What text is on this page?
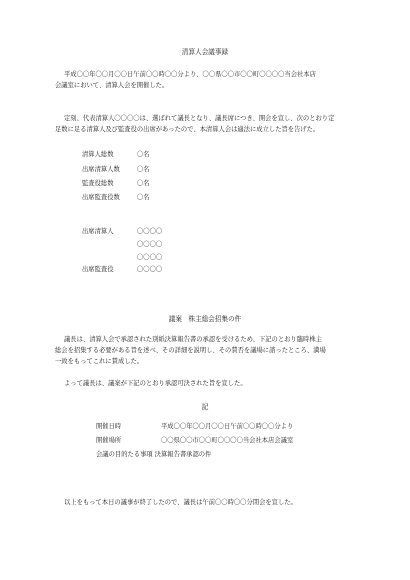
清算人会議事録
平成〇〇年〇〇月〇〇日午前〇〇時〇〇分より、〇〇県〇〇市〇〇町〇〇〇〇当会社本店
会議室において、清算人会を開催した。
定刻、代表清算人〇〇〇〇は、選ばれて議長となり、議長席につき、開会を宣し、次のとおり定
足数に足る清算人及び監査役の出席があったので、本清算人会は適法に成立した旨を告げた。
清算人総数	〇名
出席清算人数	〇名
監査役総数	〇名
出席監査役数	〇名
出席清算人	〇〇〇〇
〇〇〇〇
〇〇〇〇
出席監査役	〇〇〇〇
議案　株主総会招集の件
議長は、清算人会で承認された別紙決算報告書の承認を受けるため、下記のとおり臨時株主
総会を招集する必要がある旨を述べ、その詳細を説明し、その賛否を議場に諮ったところ、満場
一致をもってこれに賛成した。
よって議長は、議案が下記のとおり承認可決された旨を宣した。
記
開催日時	平成〇〇年〇〇月〇〇日午前〇〇時〇〇分より
開催場所	〇〇県〇〇市〇〇町〇〇〇〇当会社本店会議室
会議の目的たる事項 決算報告書承認の件
以上をもって本日の議事が終了したので、議長は午前〇〇時〇〇分閉会を宣した。
